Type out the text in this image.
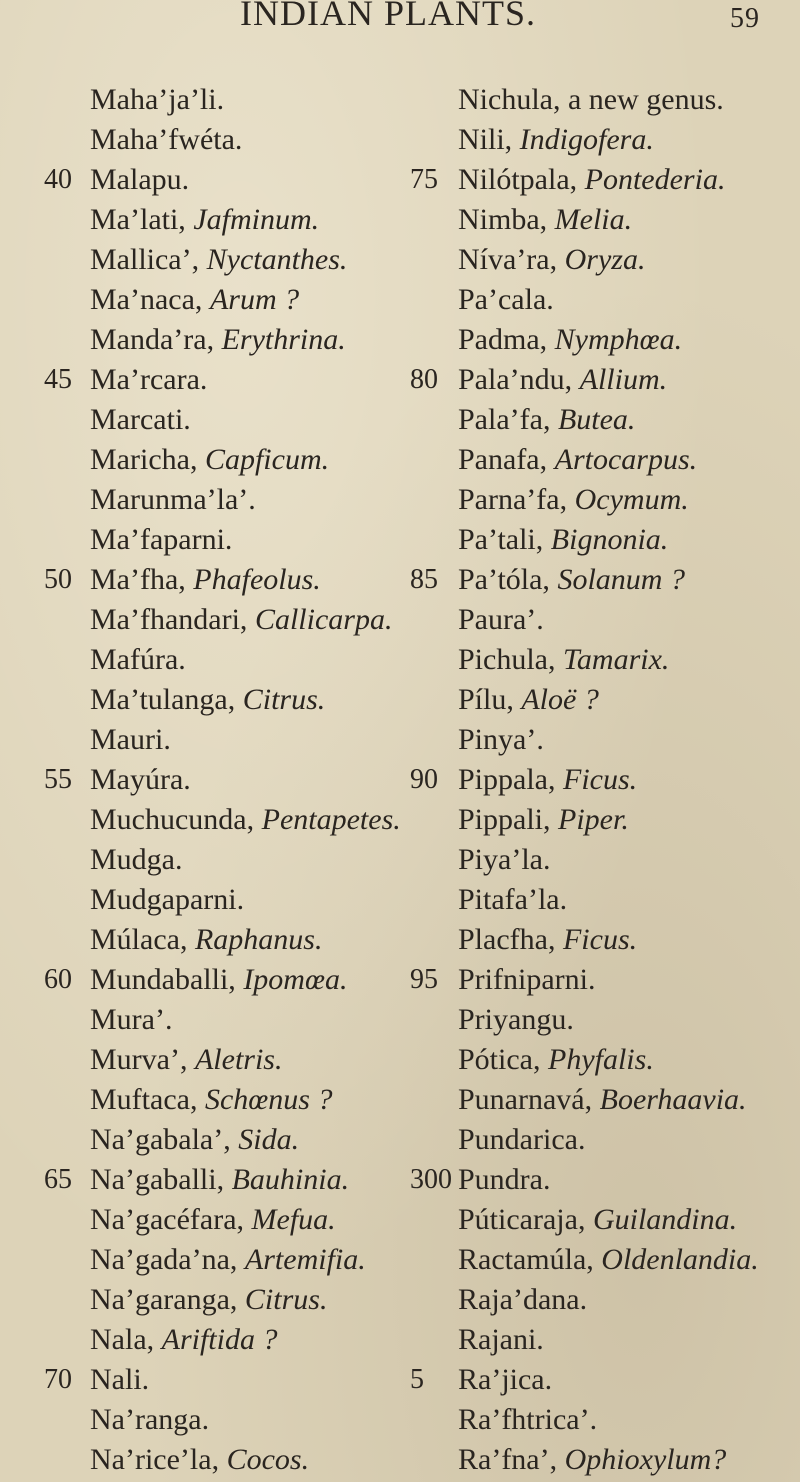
INDIAN PLANTS.	59
Maha’ja’li.
Maha’fwéta.
40 Malapu.
Ma’lati, Jafminum.
Mallica’, Nyctanthes.
Ma’naca, Arum ?
Manda’ra, Erythrina.
45 Ma’rcara.
Marcati.
Maricha, Capficum.
Marunma’la’.
Ma’faparni.
50 Ma’fha, Phafeolus.
Ma’fhandari, Callicarpa.
Mafúra.
Ma’tulanga, Citrus.
Mauri.
55 Mayúra.
Muchucunda, Pentapetes.
Mudga.
Mudgaparni.
Múlaca, Raphanus.
60 Mundaballi, Ipomœa.
Mura’.
Murva’, Aletris.
Muftaca, Schœnus ?
Na’gabala’, Sida.
65 Na’gaballi, Bauhinia.
Na’gacéfara, Mefua.
Na’gada’na, Artemifia.
Na’garanga, Citrus.
Nala, Ariftida ?
70 Nali.
Na’ranga.
Na’rice’la, Cocos.
Nichula, a new genus.
Nili, Indigofera.
75 Nilótpala, Pontederia.
Nimba, Melia.
Níva’ra, Oryza.
Pa’cala.
Padma, Nymphœa.
80 Pala’ndu, Allium.
Pala’fa, Butea.
Panafa, Artocarpus.
Parna’fa, Ocymum.
Pa’tali, Bignonia.
85 Pa’tóla, Solanum ?
Paura’.
Pichula, Tamarix.
Pílu, Aloë ?
Pinya’.
90 Pippala, Ficus.
Pippali, Piper.
Piya’la.
Pitafa’la.
Placfha, Ficus.
95 Prifniparni.
Priyangu.
Pótica, Phyfalis.
Punarnavá, Boerhaavia.
Pundarica.
300 Pundra.
Púticaraja, Guilandina.
Ractamúla, Oldenlandia.
Raja’dana.
Rajani.
5 Ra’jica.
Ra’fhtrica’.
Ra’fna’, Ophioxylum?
